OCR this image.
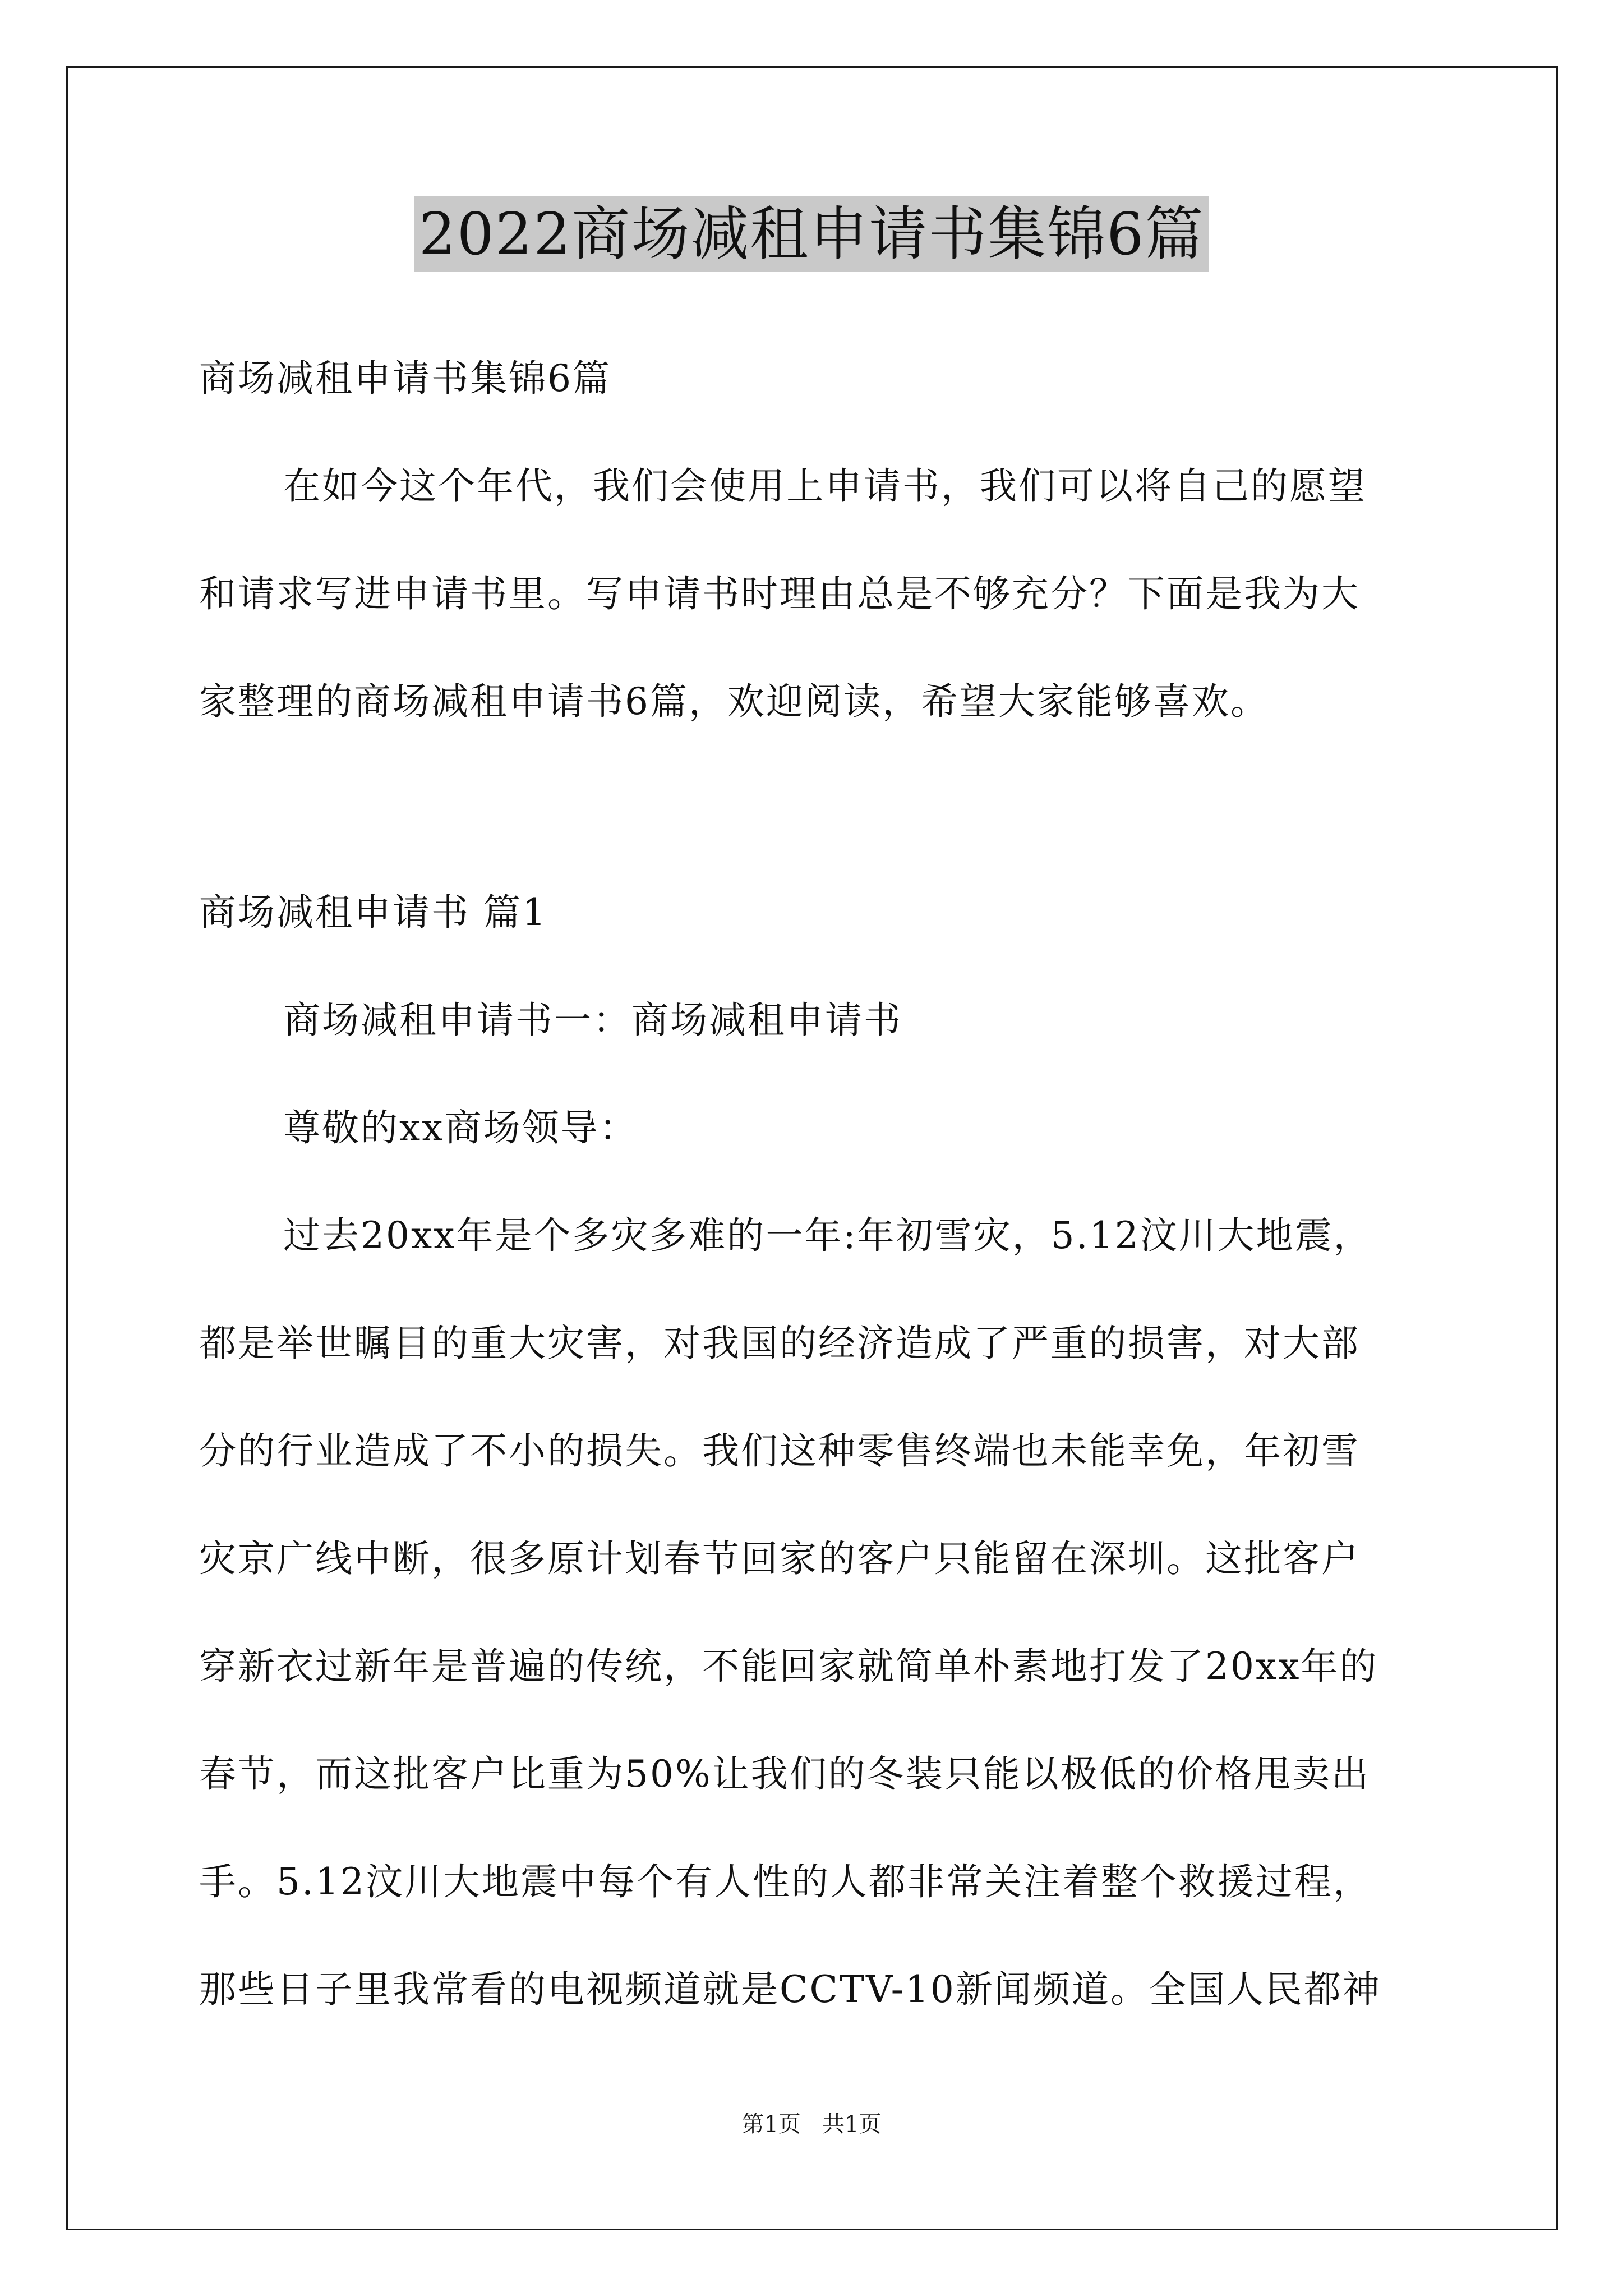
2022商场减租申请书集锦6篇
商场减租申请书集锦6篇
在如今这个年代，我们会使用上申请书，我们可以将自己的愿望
和请求写进申请书里。写申请书时理由总是不够充分？下面是我为大
家整理的商场减租申请书6篇，欢迎阅读，希望大家能够喜欢。
商场减租申请书 篇1
商场减租申请书一：商场减租申请书
尊敬的xx商场领导：
过去20xx年是个多灾多难的一年:年初雪灾，5.12汶川大地震，
都是举世瞩目的重大灾害，对我国的经济造成了严重的损害，对大部
分的行业造成了不小的损失。我们这种零售终端也未能幸免，年初雪
灾京广线中断，很多原计划春节回家的客户只能留在深圳。这批客户
穿新衣过新年是普遍的传统，不能回家就简单朴素地打发了20xx年的
春节，而这批客户比重为50%让我们的冬装只能以极低的价格甩卖出
手。5.12汶川大地震中每个有人性的人都非常关注着整个救援过程，
那些日子里我常看的电视频道就是CCTV-10新闻频道。全国人民都神
第1页   共1页
